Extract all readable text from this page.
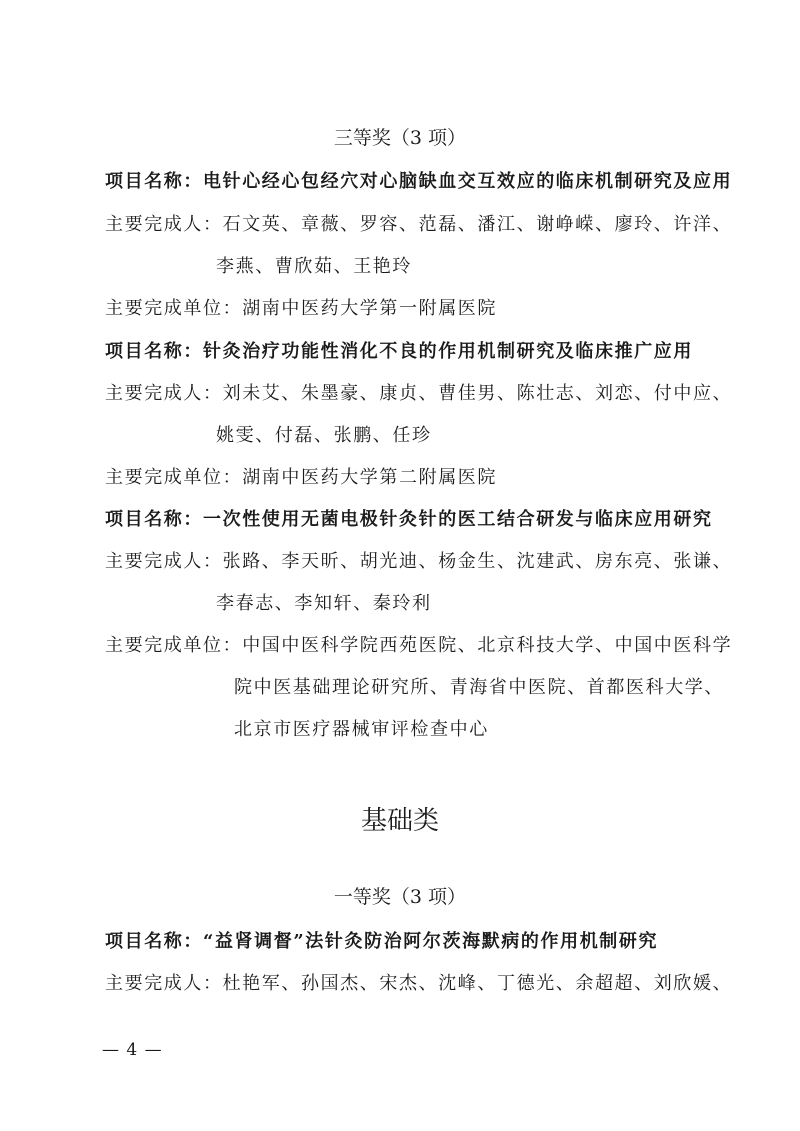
三等奖（3 项）
项目名称：电针心经心包经穴对心脑缺血交互效应的临床机制研究及应用
主要完成人：石文英、章薇、罗容、范磊、潘江、谢峥嵘、廖玲、许洋、
李燕、曹欣茹、王艳玲
主要完成单位：湖南中医药大学第一附属医院
项目名称：针灸治疗功能性消化不良的作用机制研究及临床推广应用
主要完成人：刘未艾、朱墨豪、康贞、曹佳男、陈壮志、刘恋、付中应、
姚雯、付磊、张鹏、任珍
主要完成单位：湖南中医药大学第二附属医院
项目名称：一次性使用无菌电极针灸针的医工结合研发与临床应用研究
主要完成人：张路、李天昕、胡光迪、杨金生、沈建武、房东亮、张谦、
李春志、李知轩、秦玲利
主要完成单位：中国中医科学院西苑医院、北京科技大学、中国中医科学
院中医基础理论研究所、青海省中医院、首都医科大学、
北京市医疗器械审评检查中心
基础类
一等奖（3 项）
项目名称：“益肾调督”法针灸防治阿尔茨海默病的作用机制研究
主要完成人：杜艳军、孙国杰、宋杰、沈峰、丁德光、余超超、刘欣媛、
— 4 —
